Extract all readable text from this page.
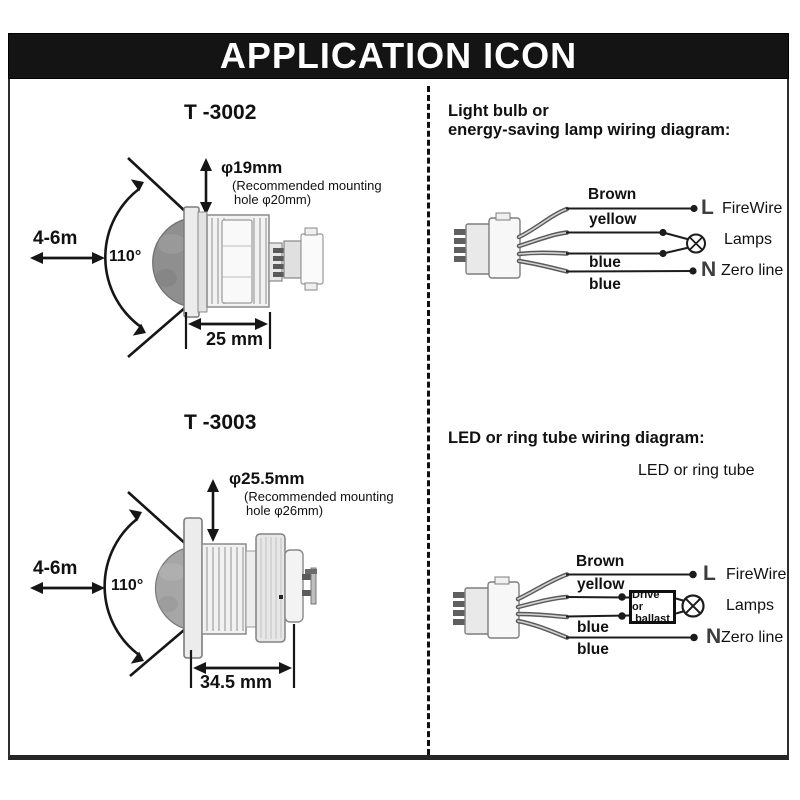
APPLICATION ICON
T -3002
φ19mm
(Recommended mounting
hole φ20mm)
4-6m
110°
25 mm
T -3003
φ25.5mm
(Recommended mounting
hole φ26mm)
4-6m
110°
34.5 mm
Light bulb or
energy-saving lamp wiring diagram:
Brown
yellow
blue
blue
L FireWire
Lamps
N Zero line
LED or ring tube wiring diagram:
LED or ring tube
Brown
yellow
blue
blue
Drive or
ballast
L FireWire
Lamps
N Zero line
